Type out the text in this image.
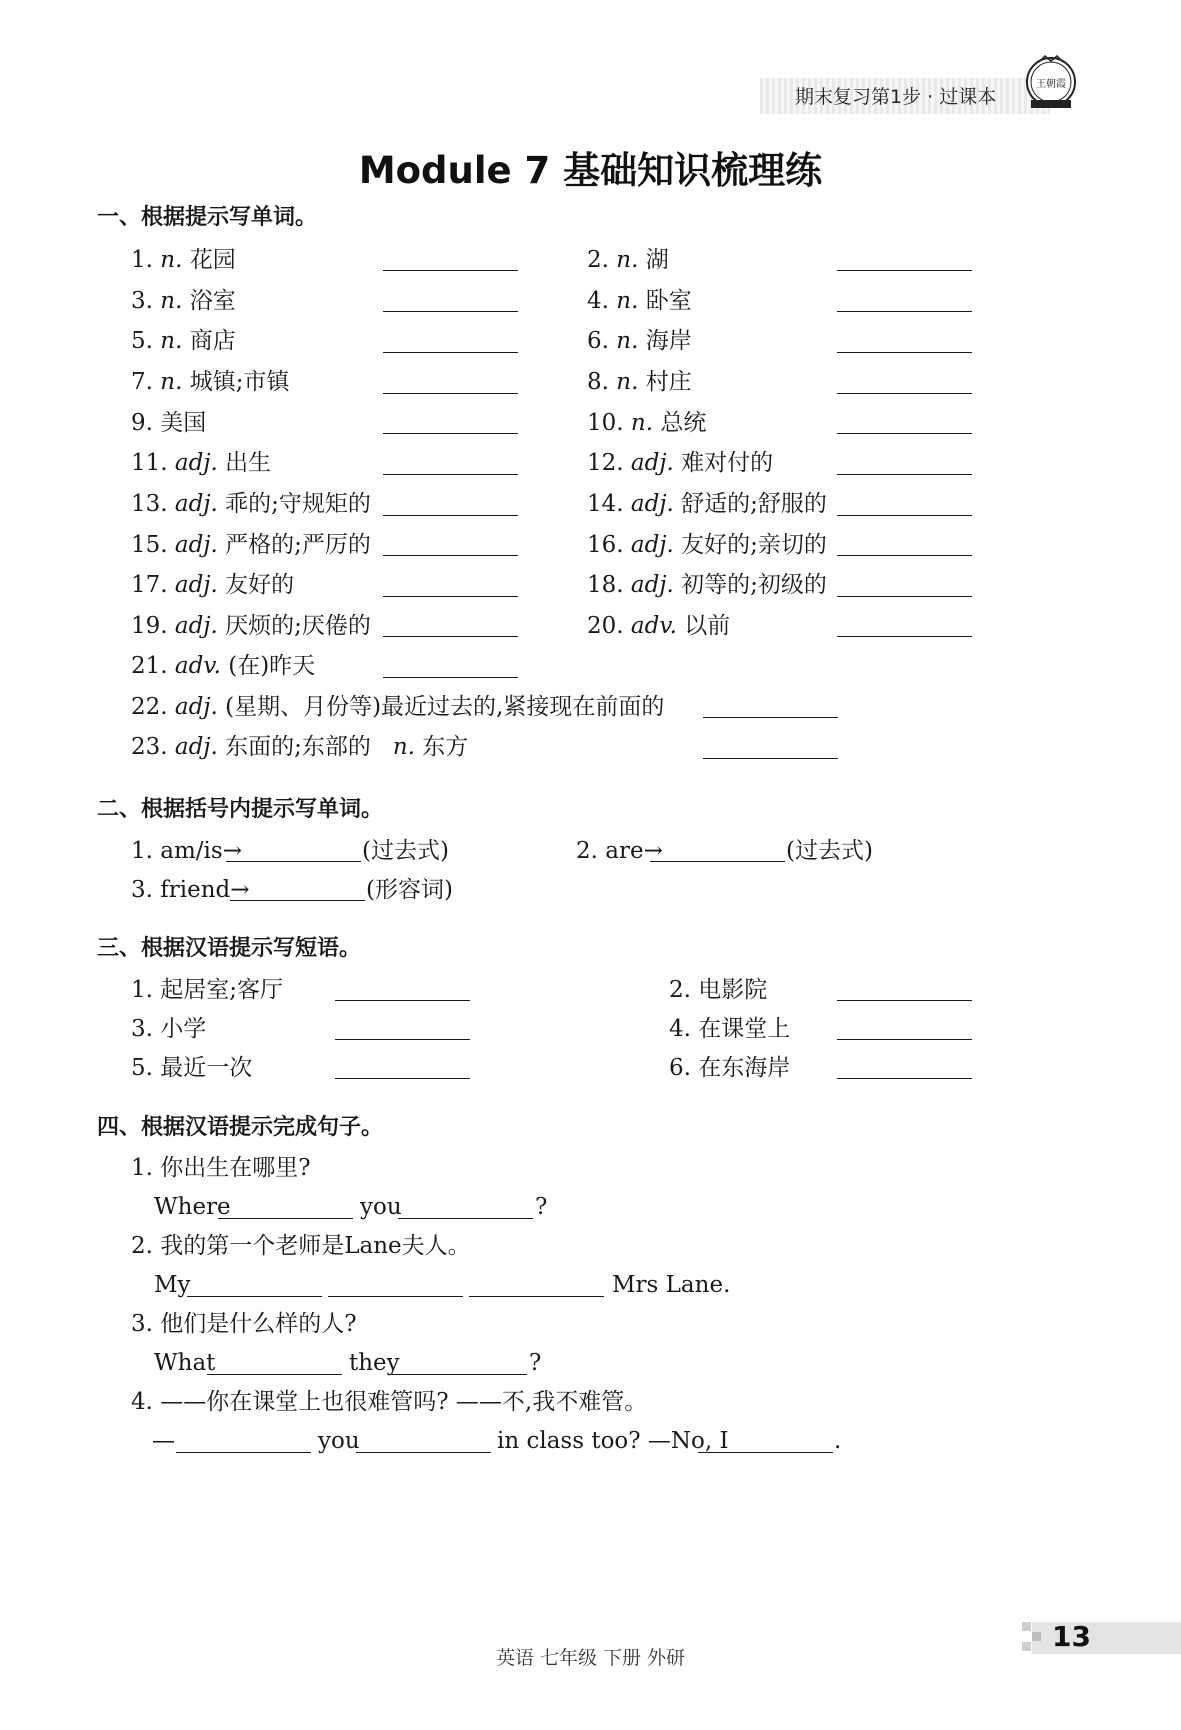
期末复习第1步 · 过课本
王朝霞
Module 7 基础知识梳理练
一、根据提示写单词。
1. n. 花园	2. n. 湖
3. n. 浴室	4. n. 卧室
5. n. 商店	6. n. 海岸
7. n. 城镇;市镇	8. n. 村庄
9. 美国	10. n. 总统
11. adj. 出生	12. adj. 难对付的
13. adj. 乖的;守规矩的	14. adj. 舒适的;舒服的
15. adj. 严格的;严厉的	16. adj. 友好的;亲切的
17. adj. 友好的	18. adj. 初等的;初级的
19. adj. 厌烦的;厌倦的	20. adv. 以前
21. adv. (在)昨天
22. adj. (星期、月份等)最近过去的,紧接现在前面的
23. adj. 东面的;东部的 n. 东方
二、根据括号内提示写单词。
1. am/is→	(过去式)	2. are→	(过去式)
3. friend→	(形容词)
三、根据汉语提示写短语。
1. 起居室;客厅	2. 电影院
3. 小学	4. 在课堂上
5. 最近一次	6. 在东海岸
四、根据汉语提示完成句子。
1. 你出生在哪里?
Where	you	?
2. 我的第一个老师是Lane夫人。
My	Mrs Lane.
3. 他们是什么样的人?
What	they	?
4. ——你在课堂上也很难管吗? ——不,我不难管。
—	you	in class too? —No, I	.
英语 七年级 下册 外研
13
